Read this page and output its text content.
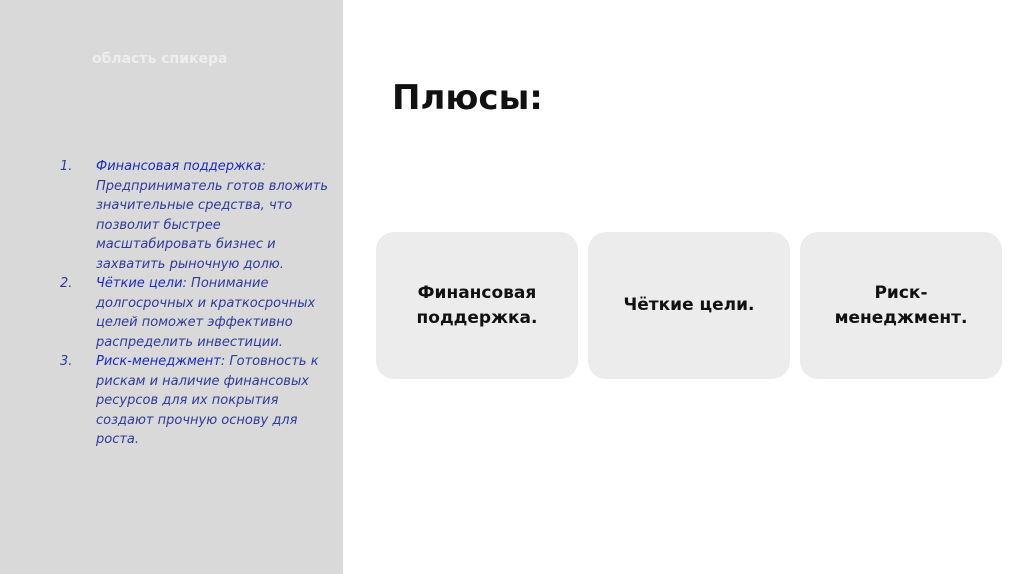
область спикера
1. Финансовая поддержка: Предприниматель готов вложить значительные средства, что позволит быстрее масштабировать бизнес и захватить рыночную долю.
2. Чёткие цели: Понимание долгосрочных и краткосрочных целей поможет эффективно распределить инвестиции.
3. Риск-менеджмент: Готовность к рискам и наличие финансовых ресурсов для их покрытия создают прочную основу для роста.
Плюсы:
Финансовая поддержка.
Чёткие цели.
Риск-менеджмент.
